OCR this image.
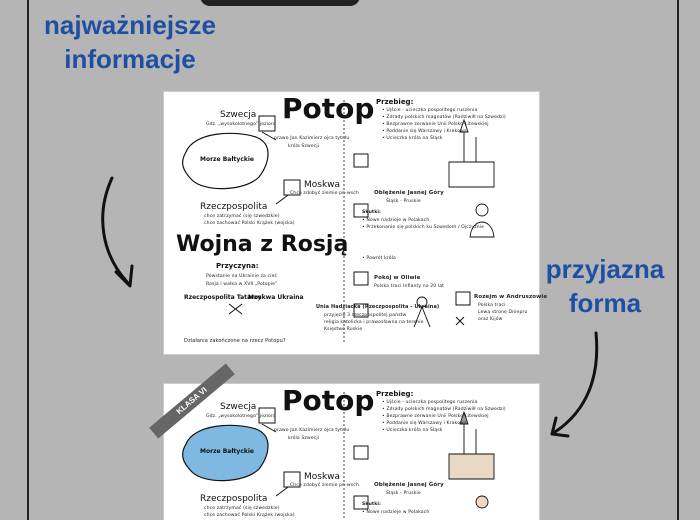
najważniejsze
informacje
przyjazna
forma
Szwecja
Gdz. „wysokolotnego” jezioro Potop
prawo Jan Kazimierz ojca tytułu
króla Szwecji
Morze Bałtyckie
Moskwa
Chce zdobyć ziemie pn-wsch
Rzeczpospolita
chce zatrzymać (się szwedzkie)
chce zachować Polski Krążek (wojska)
Wojna z Rosją
Przyczyna:
Powstanie na Ukrainie za cieś
Rosja i walka w XVII „Potopie”
Rzeczpospolita Tatarzy
Moskwa Ukraina
Unia Hadziacka (Rzeczpospolita - Ukraina)
przyjęcie 3 rzeczpospolitej państw
religia katolicka i prawosławna na terenie
Księstwo Ruskie
Działania zakończone na rzecz Potopu?
Przebieg:
• Ujście - ucieczka pospolitego ruszenia
• Zdrady polskich magnatów (Radziwiłł na Szwedzi)
• Bezprawne zerwanie Unii Polsko-Litewskiej
• Poddanie się Warszawy i Krakowa
• Ucieczka króla na Śląsk
Oblężenie Jasnej Góry
Śląsk - Pruskie
Skutki:
• Nowe nadzieje w Polakach
• Przekonanie się polskich ku Szwedom / Ojczyźnie
• Powrót króla
Pokój w Oliwie
Polska traci Inflanty na 20 lat
Rozejm w Andruszowie
Polska traci
Lewą stronę Dniepru
oraz Kijów
KLASA VI	Szwecja
Gdz. „wysokolotnego” jezioro Potop
prawo Jan Kazimierz ojca tytułu
króla Szwecji
Morze Bałtyckie
Moskwa
Chce zdobyć ziemie pn-wsch
Rzeczpospolita
chce zatrzymać (się szwedzkie)
chce zachować Polski Krążek (wojska)
Przebieg:
• Ujście - ucieczka pospolitego ruszenia
• Zdrady polskich magnatów (Radziwiłł na Szwedzi)
• Bezprawne zerwanie Unii Polsko-Litewskiej
• Poddanie się Warszawy i Krakowa
• Ucieczka króla na Śląsk
Oblężenie Jasnej Góry
Śląsk - Pruskie
Skutki:
• Nowe nadzieje w Polakach
